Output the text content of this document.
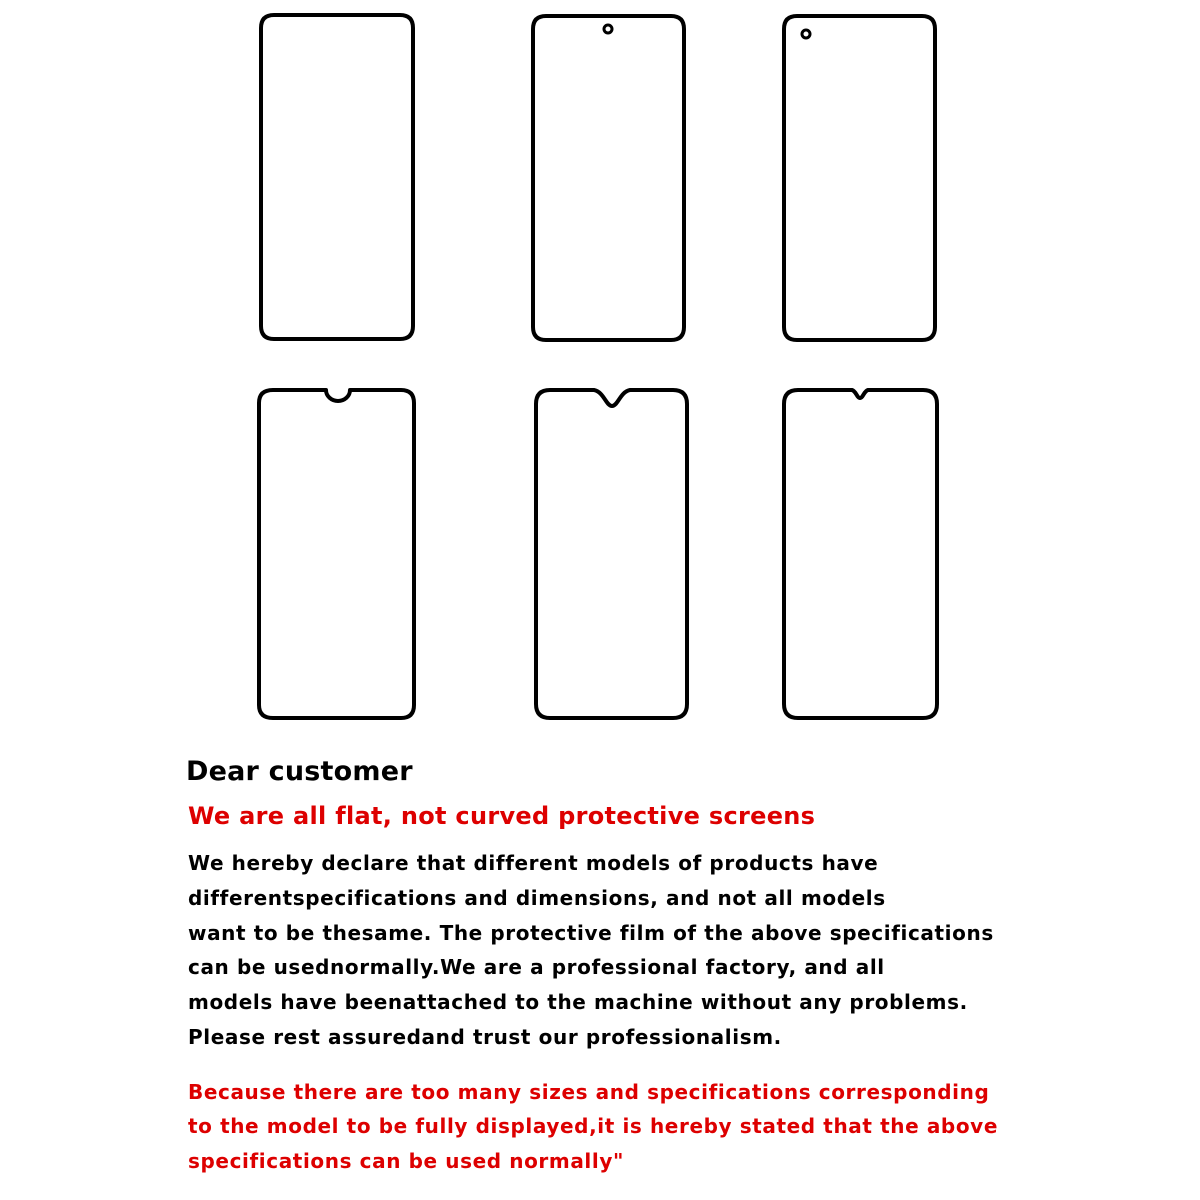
Dear customer
We are all flat, not curved protective screens
We hereby declare that different models of products have
differentspecifications and dimensions, and not all models
want to be thesame. The protective film of the above specifications
can be usednormally.We are a professional factory, and all
models have beenattached to the machine without any problems.
Please rest assuredand trust our professionalism.
Because there are too many sizes and specifications corresponding
to the model to be fully displayed,it is hereby stated that the above
specifications can be used normally"
